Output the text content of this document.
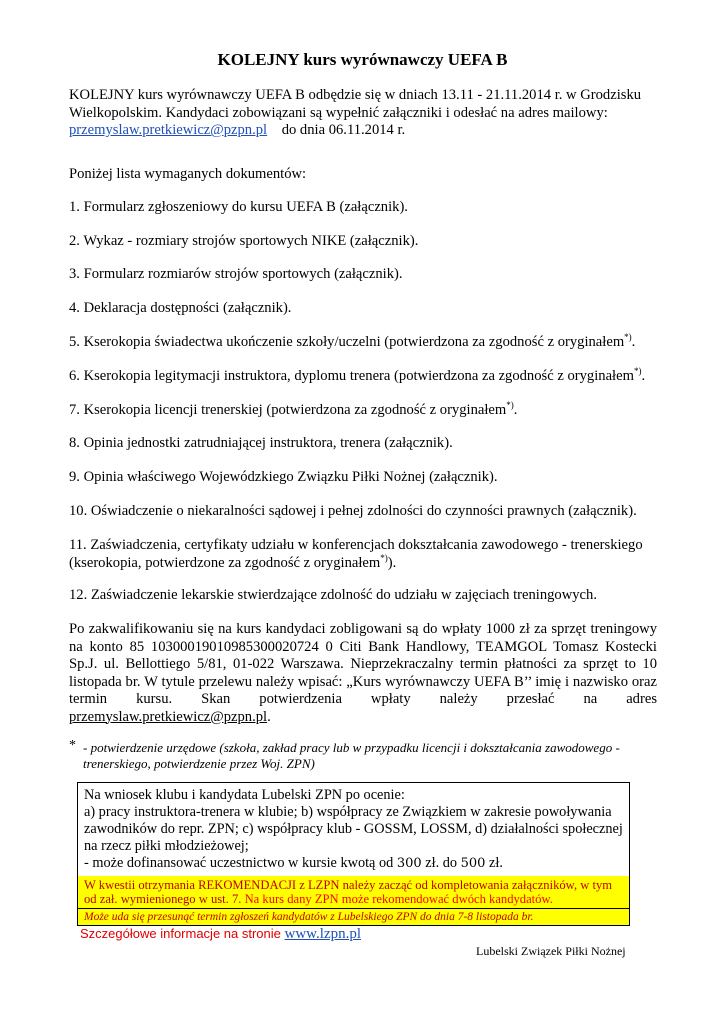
KOLEJNY kurs wyrównawczy UEFA B
KOLEJNY kurs wyrównawczy UEFA B odbędzie się w dniach 13.11 - 21.11.2014 r. w Grodzisku Wielkopolskim. Kandydaci zobowiązani są wypełnić załączniki i odesłać na adres mailowy:
przemyslaw.pretkiewicz@pzpn.pl do dnia 06.11.2014 r.
Poniżej lista wymaganych dokumentów:
1. Formularz zgłoszeniowy do kursu UEFA B (załącznik).
2. Wykaz - rozmiary strojów sportowych NIKE (załącznik).
3. Formularz rozmiarów strojów sportowych (załącznik).
4. Deklaracja dostępności (załącznik).
5. Kserokopia świadectwa ukończenie szkoły/uczelni (potwierdzona za zgodność z oryginałem*).
6. Kserokopia legitymacji instruktora, dyplomu trenera (potwierdzona za zgodność z oryginałem*).
7. Kserokopia licencji trenerskiej (potwierdzona za zgodność z oryginałem*).
8. Opinia jednostki zatrudniającej instruktora, trenera (załącznik).
9. Opinia właściwego Wojewódzkiego Związku Piłki Nożnej (załącznik).
10. Oświadczenie o niekaralności sądowej i pełnej zdolności do czynności prawnych (załącznik).
11. Zaświadczenia, certyfikaty udziału w konferencjach dokształcania zawodowego - trenerskiego (kserokopia, potwierdzone za zgodność z oryginałem*)).
12. Zaświadczenie lekarskie stwierdzające zdolność do udziału w zajęciach treningowych.
Po zakwalifikowaniu się na kurs kandydaci zobligowani są do wpłaty 1000 zł za sprzęt treningowy na konto 85 10300019010985300020724 0 Citi Bank Handlowy, TEAMGOL Tomasz Kostecki Sp.J. ul. Bellottiego 5/81, 01-022 Warszawa. Nieprzekraczalny termin płatności za sprzęt to 10 listopada br. W tytule przelewu należy wpisać: „Kurs wyrównawczy UEFA B’’ imię i nazwisko oraz termin kursu. Skan potwierdzenia wpłaty należy przesłać na adres przemyslaw.pretkiewicz@pzpn.pl.
* - potwierdzenie urzędowe (szkoła, zakład pracy lub w przypadku licencji i dokształcania zawodowego - trenerskiego, potwierdzenie przez Woj. ZPN)
Na wniosek klubu i kandydata Lubelski ZPN po ocenie:
a) pracy instruktora-trenera w klubie; b) współpracy ze Związkiem w zakresie powoływania zawodników do repr. ZPN; c) współpracy klub - GOSSM, LOSSM, d) działalności społecznej na rzecz piłki młodzieżowej;
- może dofinansować uczestnictwo w kursie kwotą od 300 zł. do 500 zł.
W kwestii otrzymania REKOMENDACJI z LZPN należy zacząć od kompletowania załączników, w tym od zał. wymienionego w ust. 7. Na kurs dany ZPN może rekomendować dwóch kandydatów.
Może uda się przesunąć termin zgłoszeń kandydatów z Lubelskiego ZPN do dnia 7-8 listopada br.
Szczegółowe informacje na stronie www.lzpn.pl
Lubelski Związek Piłki Nożnej
